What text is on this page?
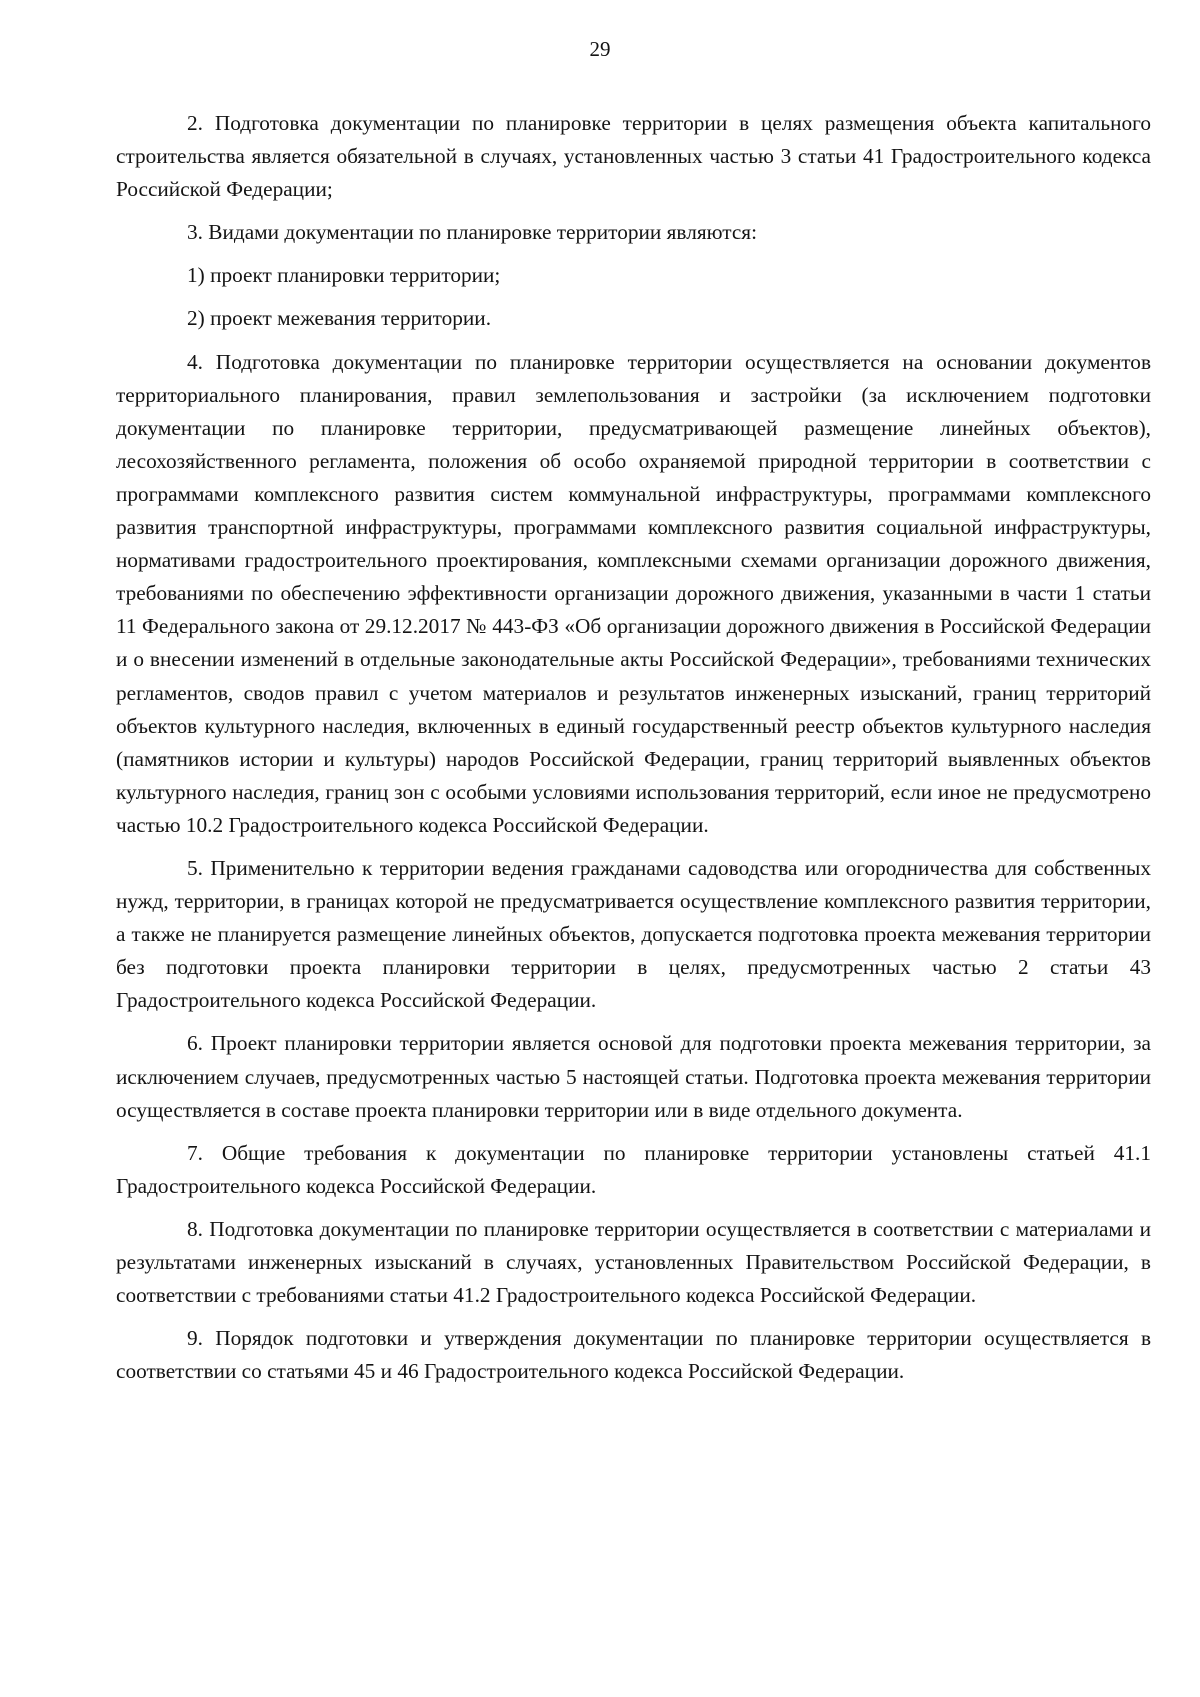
29

2. Подготовка документации по планировке территории в целях размещения объекта капитального строительства является обязательной в случаях, установленных частью 3 статьи 41 Градостроительного кодекса Российской Федерации;

3. Видами документации по планировке территории являются:

1) проект планировки территории;

2) проект межевания территории.

4. Подготовка документации по планировке территории осуществляется на основании документов территориального планирования, правил землепользования и застройки (за исключением подготовки документации по планировке территории, предусматривающей размещение линейных объектов), лесохозяйственного регламента, положения об особо охраняемой природной территории в соответствии с программами комплексного развития систем коммунальной инфраструктуры, программами комплексного развития транспортной инфраструктуры, программами комплексного развития социальной инфраструктуры, нормативами градостроительного проектирования, комплексными схемами организации дорожного движения, требованиями по обеспечению эффективности организации дорожного движения, указанными в части 1 статьи 11 Федерального закона от 29.12.2017 № 443-ФЗ «Об организации дорожного движения в Российской Федерации и о внесении изменений в отдельные законодательные акты Российской Федерации», требованиями технических регламентов, сводов правил с учетом материалов и результатов инженерных изысканий, границ территорий объектов культурного наследия, включенных в единый государственный реестр объектов культурного наследия (памятников истории и культуры) народов Российской Федерации, границ территорий выявленных объектов культурного наследия, границ зон с особыми условиями использования территорий, если иное не предусмотрено частью 10.2 Градостроительного кодекса Российской Федерации.

5. Применительно к территории ведения гражданами садоводства или огородничества для собственных нужд, территории, в границах которой не предусматривается осуществление комплексного развития территории, а также не планируется размещение линейных объектов, допускается подготовка проекта межевания территории без подготовки проекта планировки территории в целях, предусмотренных частью 2 статьи 43 Градостроительного кодекса Российской Федерации.

6. Проект планировки территории является основой для подготовки проекта межевания территории, за исключением случаев, предусмотренных частью 5 настоящей статьи. Подготовка проекта межевания территории осуществляется в составе проекта планировки территории или в виде отдельного документа.

7. Общие требования к документации по планировке территории установлены статьей 41.1 Градостроительного кодекса Российской Федерации.

8. Подготовка документации по планировке территории осуществляется в соответствии с материалами и результатами инженерных изысканий в случаях, установленных Правительством Российской Федерации, в соответствии с требованиями статьи 41.2 Градостроительного кодекса Российской Федерации.

9. Порядок подготовки и утверждения документации по планировке территории осуществляется в соответствии со статьями 45 и 46 Градостроительного кодекса Российской Федерации.
